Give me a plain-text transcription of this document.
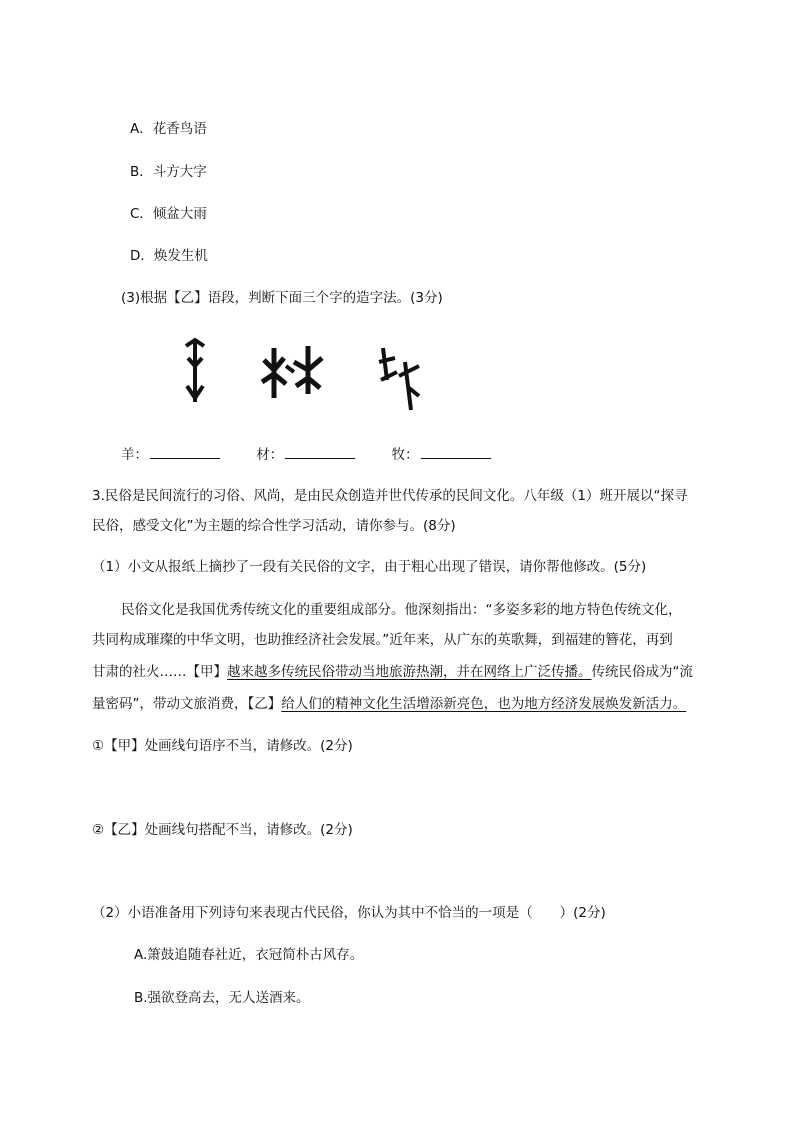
A．花香鸟语
B．斗方大字
C．倾盆大雨
D．焕发生机
(3)根据【乙】语段，判断下面三个字的造字法。(3分)
羊：	材：	牧：
3.民俗是民间流行的习俗、风尚，是由民众创造并世代传承的民间文化。八年级（1）班开展以“探寻
民俗，感受文化”为主题的综合性学习活动，请你参与。(8分)
（1）小文从报纸上摘抄了一段有关民俗的文字，由于粗心出现了错误，请你帮他修改。(5分)
民俗文化是我国优秀传统文化的重要组成部分。他深刻指出：“多姿多彩的地方特色传统文化，
共同构成璀璨的中华文明，也助推经济社会发展。”近年来，从广东的英歌舞，到福建的簪花，再到
甘肃的社火……【甲】越来越多传统民俗带动当地旅游热潮，并在网络上广泛传播。传统民俗成为“流
量密码”，带动文旅消费，【乙】给人们的精神文化生活增添新亮色，也为地方经济发展焕发新活力。
①【甲】处画线句语序不当，请修改。(2分)
②【乙】处画线句搭配不当，请修改。(2分)
（2）小语准备用下列诗句来表现古代民俗，你认为其中不恰当的一项是（　　）(2分)
A.箫鼓追随春社近，衣冠简朴古风存。
B.强欲登高去，无人送酒来。
